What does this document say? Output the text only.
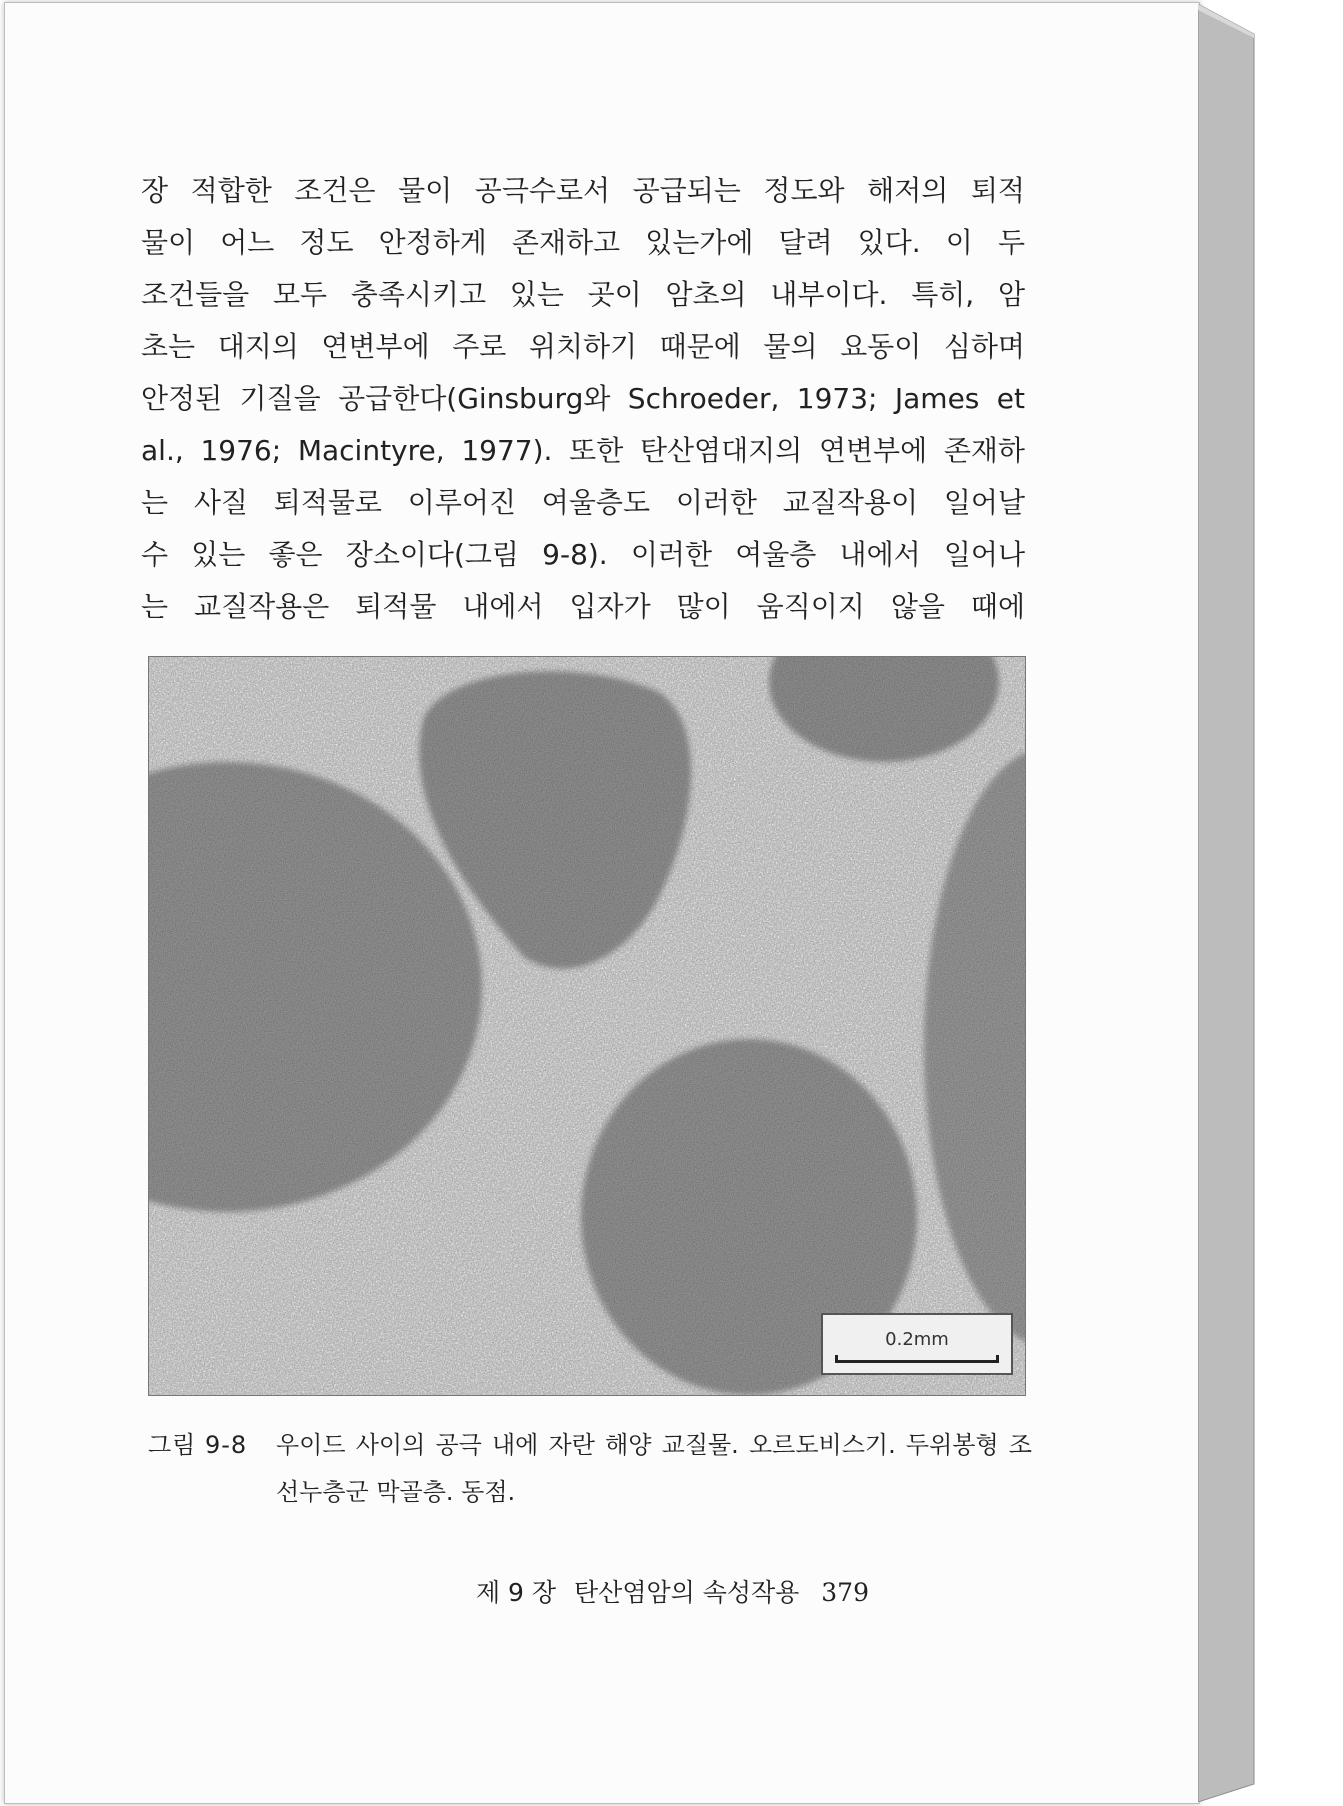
장 적합한 조건은 물이 공극수로서 공급되는 정도와 해저의 퇴적
물이 어느 정도 안정하게 존재하고 있는가에 달려 있다. 이 두
조건들을 모두 충족시키고 있는 곳이 암초의 내부이다. 특히, 암
초는 대지의 연변부에 주로 위치하기 때문에 물의 요동이 심하며
안정된 기질을 공급한다(Ginsburg와 Schroeder, 1973; James et
al., 1976; Macintyre, 1977). 또한 탄산염대지의 연변부에 존재하
는 사질 퇴적물로 이루어진 여울층도 이러한 교질작용이 일어날
수 있는 좋은 장소이다(그림 9-8). 이러한 여울층 내에서 일어나
는 교질작용은 퇴적물 내에서 입자가 많이 움직이지 않을 때에
0.2mm
그림 9-8 우이드 사이의 공극 내에 자란 해양 교질물. 오르도비스기. 두위봉형 조선누층군 막골층. 동점.
제 9 장 탄산염암의 속성작용 379
